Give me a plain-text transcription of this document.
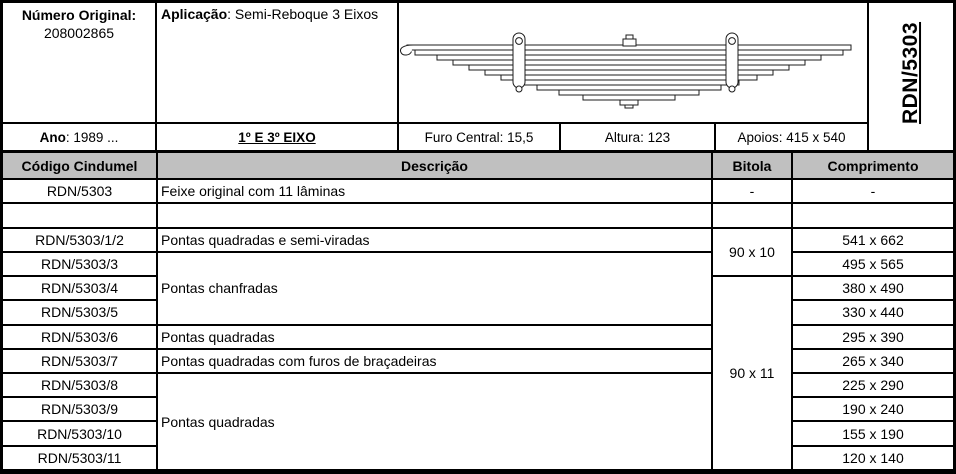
Número Original:
208002865
Aplicação: Semi-Reboque 3 Eixos
RDN/5303
Ano: 1989 ...	1º E 3º EIXO	Furo Central: 15,5	Altura: 123	Apoios: 415 x 540
Código Cindumel	Descrição	Bitola	Comprimento
RDN/5303	Feixe original com 11 lâminas	-	-

RDN/5303/1/2	Pontas quadradas e semi-viradas	90 x 10	541 x 662
RDN/5303/3	Pontas chanfradas		495 x 565
RDN/5303/4		90 x 11	380 x 490
RDN/5303/5			330 x 440
RDN/5303/6	Pontas quadradas		295 x 390
RDN/5303/7	Pontas quadradas com furos de braçadeiras		265 x 340
RDN/5303/8	Pontas quadradas		225 x 290
RDN/5303/9			190 x 240
RDN/5303/10			155 x 190
RDN/5303/11			120 x 140
